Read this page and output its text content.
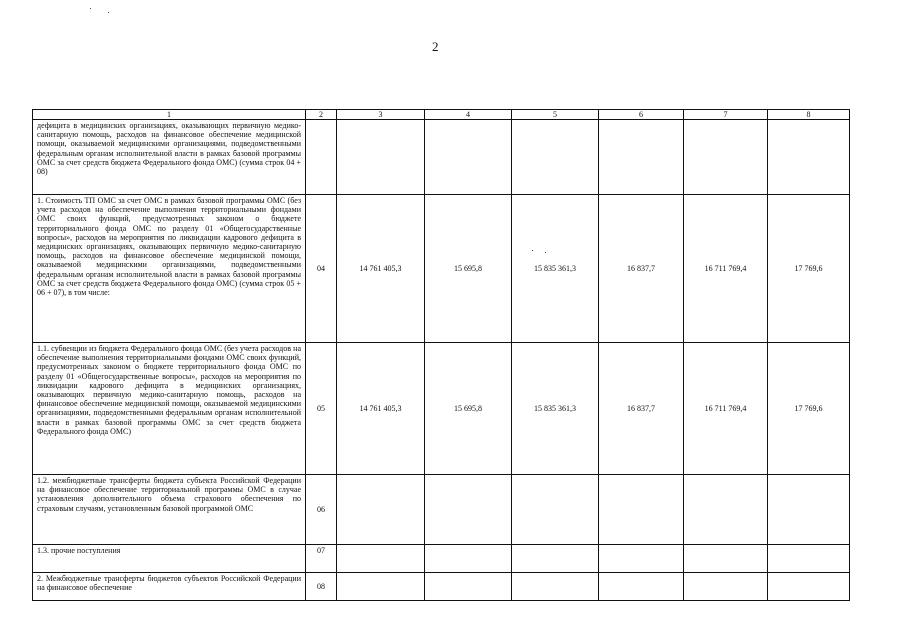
2
1	2	3	4	5	6	7	8
дефицита в медицинских организациях, оказывающих первичную медико-санитарную помощь, расходов на финансовое обеспечение медицинской помощи, оказываемой медицинскими организациями, подведомственными федеральным органам исполнительной власти в рамках базовой программы ОМС за счет средств бюджета Федерального фонда ОМС) (сумма строк 04 + 08)							
1. Стоимость ТП ОМС за счет ОМС в рамках базовой программы ОМС (без учета расходов на обеспечение выполнения территориальными фондами ОМС своих функций, предусмотренных законом о бюджете территориального фонда ОМС по разделу 01 «Общегосударственные вопросы», расходов на мероприятия по ликвидации кадрового дефицита в медицинских организациях, оказывающих первичную медико-санитарную помощь, расходов на финансовое обеспечение медицинской помощи, оказываемой медицинскими организациями, подведомственными федеральным органам исполнительной власти в рамках базовой программы ОМС за счет средств бюджета Федерального фонда ОМС) (сумма строк 05 + 06 + 07), в том числе:	04	14 761 405,3	15 695,8	15 835 361,3	16 837,7	16 711 769,4	17 769,6
1.1. субвенции из бюджета Федерального фонда ОМС (без учета расходов на обеспечение выполнения территориальными фондами ОМС своих функций, предусмотренных законом о бюджете территориального фонда ОМС по разделу 01 «Общегосударственные вопросы», расходов на мероприятия по ликвидации кадрового дефицита в медицинских организациях, оказывающих первичную медико-санитарную помощь, расходов на финансовое обеспечение медицинской помощи, оказываемой медицинскими организациями, подведомственными федеральным органам исполнительной власти в рамках базовой программы ОМС за счет средств бюджета Федерального фонда ОМС)	05	14 761 405,3	15 695,8	15 835 361,3	16 837,7	16 711 769,4	17 769,6
1.2. межбюджетные трансферты бюджета субъекта Российской Федерации на финансовое обеспечение территориальной программы ОМС в случае установления дополнительного объема страхового обеспечения по страховым случаям, установленным базовой программой ОМС	06						
1.3. прочие поступления	07						
2. Межбюджетные трансферты бюджетов субъектов Российской Федерации на финансовое обеспечение	08						
